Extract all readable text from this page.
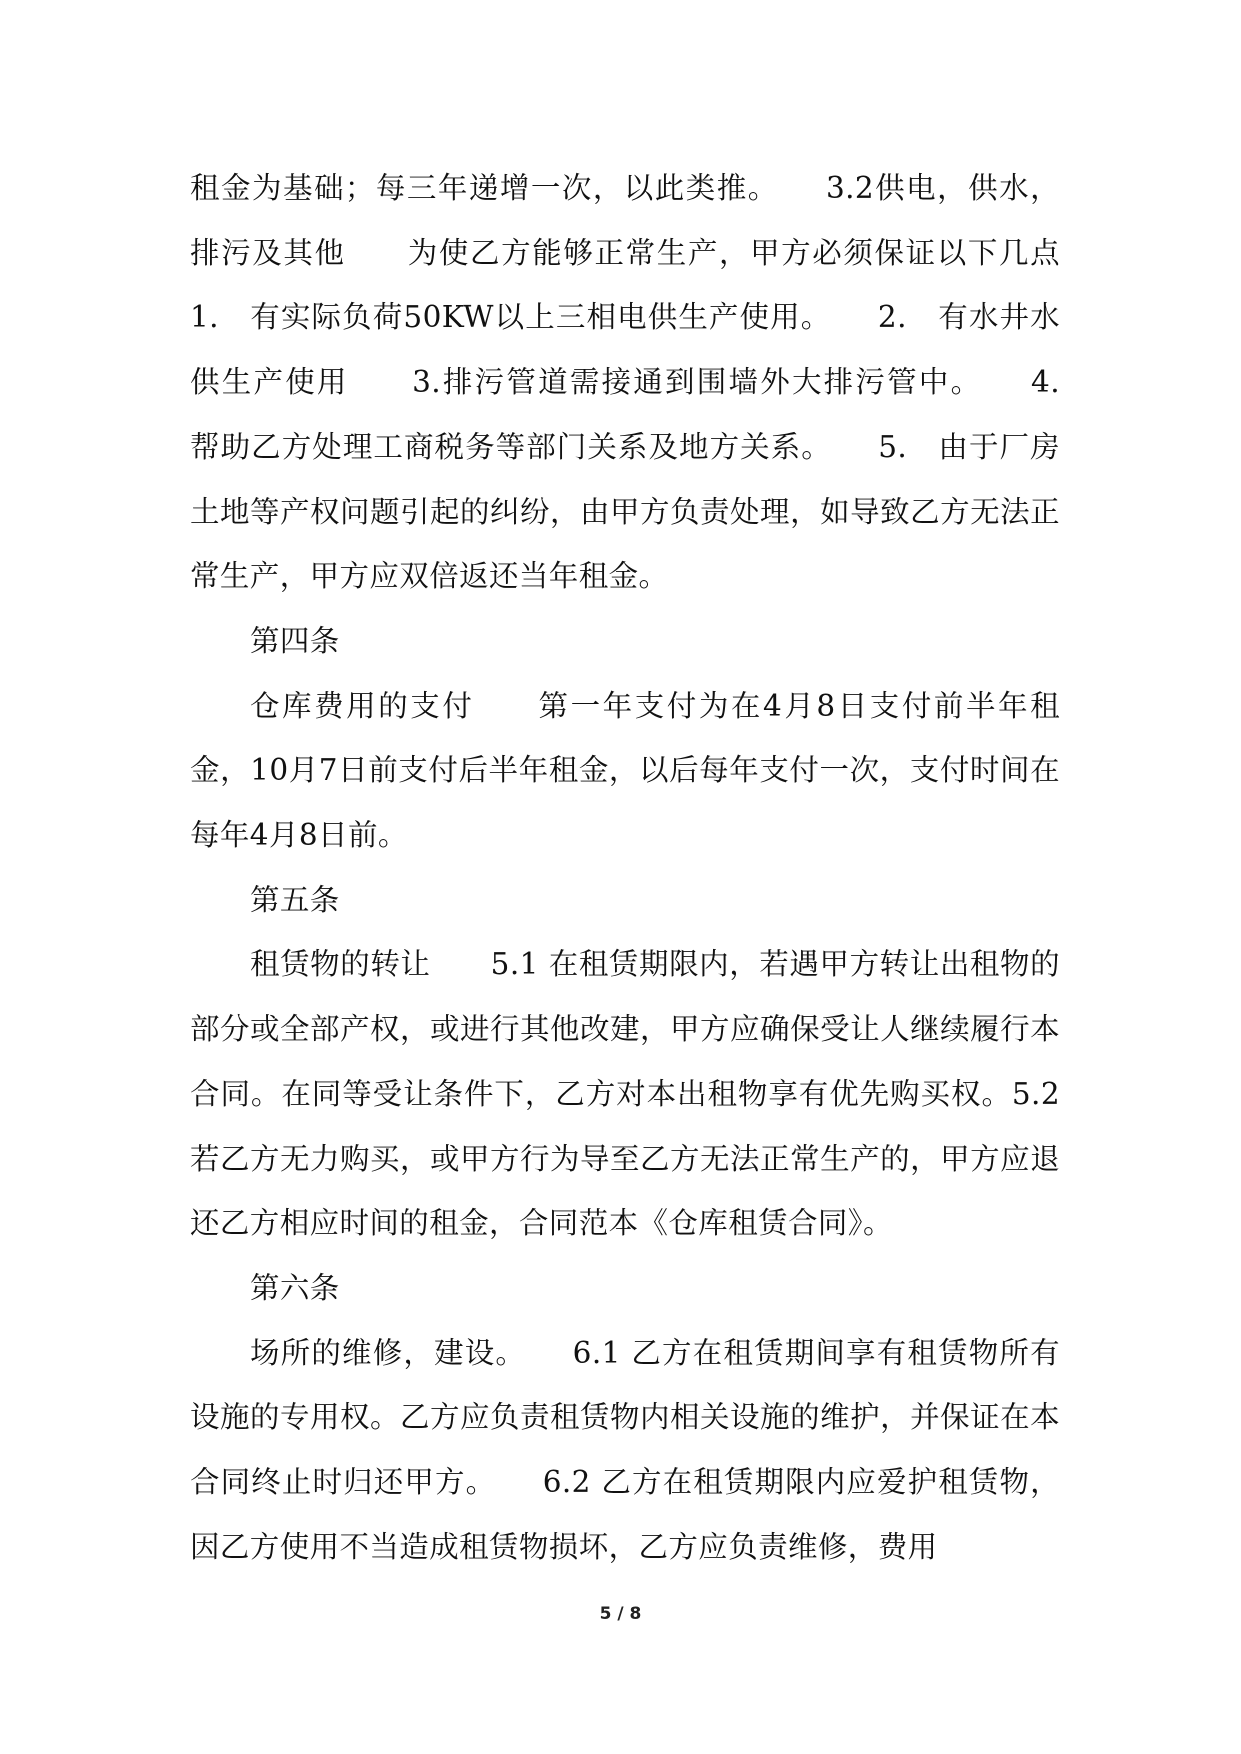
租金为基础；每三年递增一次，以此类推。　　3.2供电，供水，排污及其他　　为使乙方能够正常生产，甲方必须保证以下几点　1.　有实际负荷50KW以上三相电供生产使用。　　2.　有水井水供生产使用　　3.排污管道需接通到围墙外大排污管中。　　4.　帮助乙方处理工商税务等部门关系及地方关系。　　5.　由于厂房土地等产权问题引起的纠纷，由甲方负责处理，如导致乙方无法正常生产，甲方应双倍返还当年租金。

第四条

仓库费用的支付　　第一年支付为在4月8日支付前半年租金，10月7日前支付后半年租金，以后每年支付一次，支付时间在每年4月8日前。

第五条

租赁物的转让　　5.1 在租赁期限内，若遇甲方转让出租物的部分或全部产权，或进行其他改建，甲方应确保受让人继续履行本合同。在同等受让条件下，乙方对本出租物享有优先购买权。5.2若乙方无力购买，或甲方行为导至乙方无法正常生产的，甲方应退还乙方相应时间的租金，合同范本《仓库租赁合同》。

第六条

场所的维修，建设。　　6.1 乙方在租赁期间享有租赁物所有设施的专用权。乙方应负责租赁物内相关设施的维护，并保证在本合同终止时归还甲方。　　6.2 乙方在租赁期限内应爱护租赁物，因乙方使用不当造成租赁物损坏，乙方应负责维修，费用

5 / 8
